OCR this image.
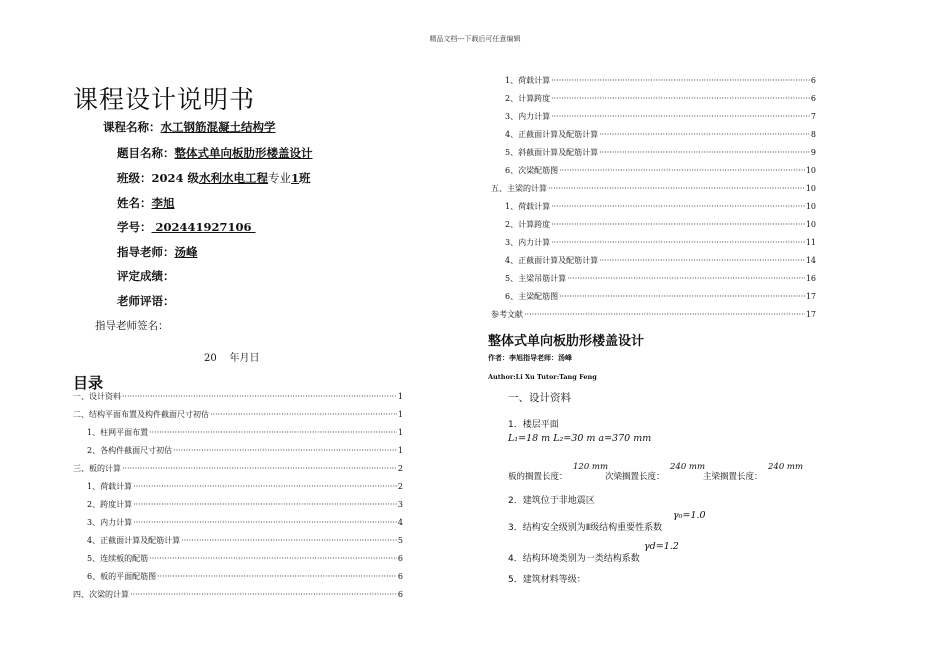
精品文档---下载后可任意编辑
课程设计说明书
课程名称：水工钢筋混凝土结构学
题目名称：整体式单向板肋形楼盖设计
班级：2024 级水利水电工程专业1班
姓名：李旭
学号： 202441927106
指导老师：汤峰
评定成绩：
老师评语：
指导老师签名：
20    年月日
目录
一、设计资料 ·····	1
二、结构平面布置及构件截面尺寸初估 ·····	1
1、柱网平面布置 ·····	1
2、各构件截面尺寸初估 ·····	1
三、板的计算 ·····	2
1、荷载计算 ·····	2
2、跨度计算 ·····	3
3、内力计算 ·····	4
4、正截面计算及配筋计算 ·····	5
5、连续板的配筋 ·····	6
6、板的平面配筋图 ·····	6
四、次梁的计算 ·····	6
1、荷载计算 ·····	6
2、计算跨度 ·····	6
3、内力计算 ·····	7
4、正截面计算及配筋计算 ·····	8
5、斜截面计算及配筋计算 ·····	9
6、次梁配筋图 ·····	10
五、主梁的计算 ·····	10
1、荷载计算 ·····	10
2、计算跨度 ·····	10
3、内力计算 ·····	11
4、正截面计算及配筋计算 ·····	14
5、主梁吊筋计算 ·····	16
6、主梁配筋图 ·····	17
参考文献 ·····	17
整体式单向板肋形楼盖设计
作者：李旭指导老师：汤峰
Author:Li Xu Tutor:Tang Feng
一、设计资料
1．楼层平面
L₁=18 m L₂=30 m a=370 mm
板的搁置长度：
120 mm
次梁搁置长度：
240 mm
主梁搁置长度：
240 mm
2．建筑位于非地震区
3．结构安全级别为Ⅱ级结构重要性系数
γ₀=1.0
4．结构环境类别为一类结构系数
γd=1.2
5．建筑材料等级：
